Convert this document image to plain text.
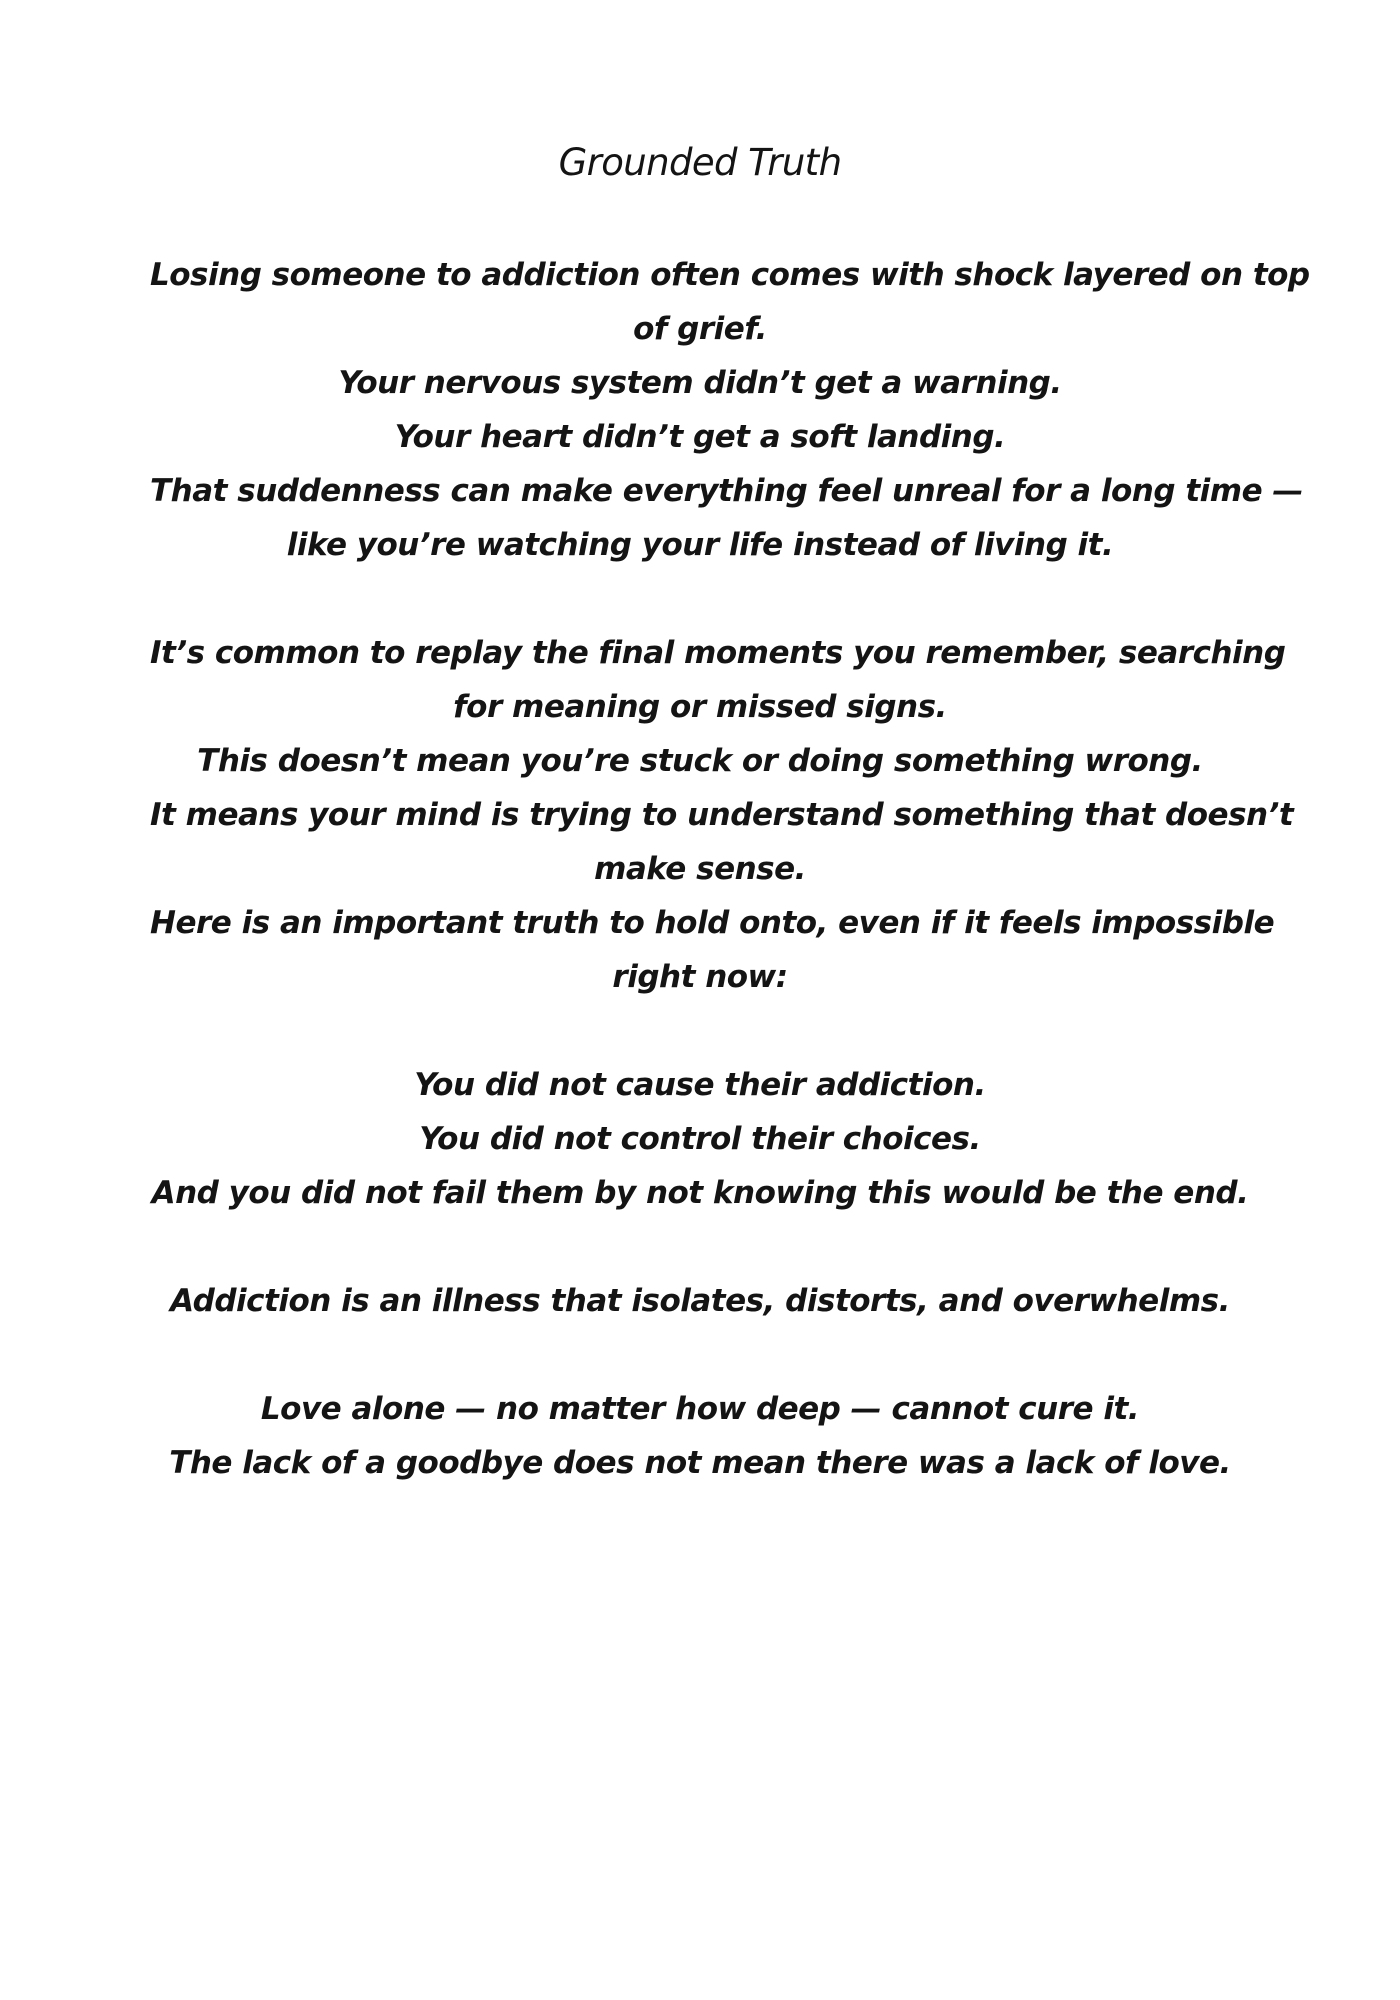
Grounded Truth
Losing someone to addiction often comes with shock layered on top
of grief.
Your nervous system didn’t get a warning.
Your heart didn’t get a soft landing.
That suddenness can make everything feel unreal for a long time —
like you’re watching your life instead of living it.
It’s common to replay the final moments you remember, searching
for meaning or missed signs.
This doesn’t mean you’re stuck or doing something wrong.
It means your mind is trying to understand something that doesn’t
make sense.
Here is an important truth to hold onto, even if it feels impossible
right now:
You did not cause their addiction.
You did not control their choices.
And you did not fail them by not knowing this would be the end.
Addiction is an illness that isolates, distorts, and overwhelms.
Love alone — no matter how deep — cannot cure it.
The lack of a goodbye does not mean there was a lack of love.
